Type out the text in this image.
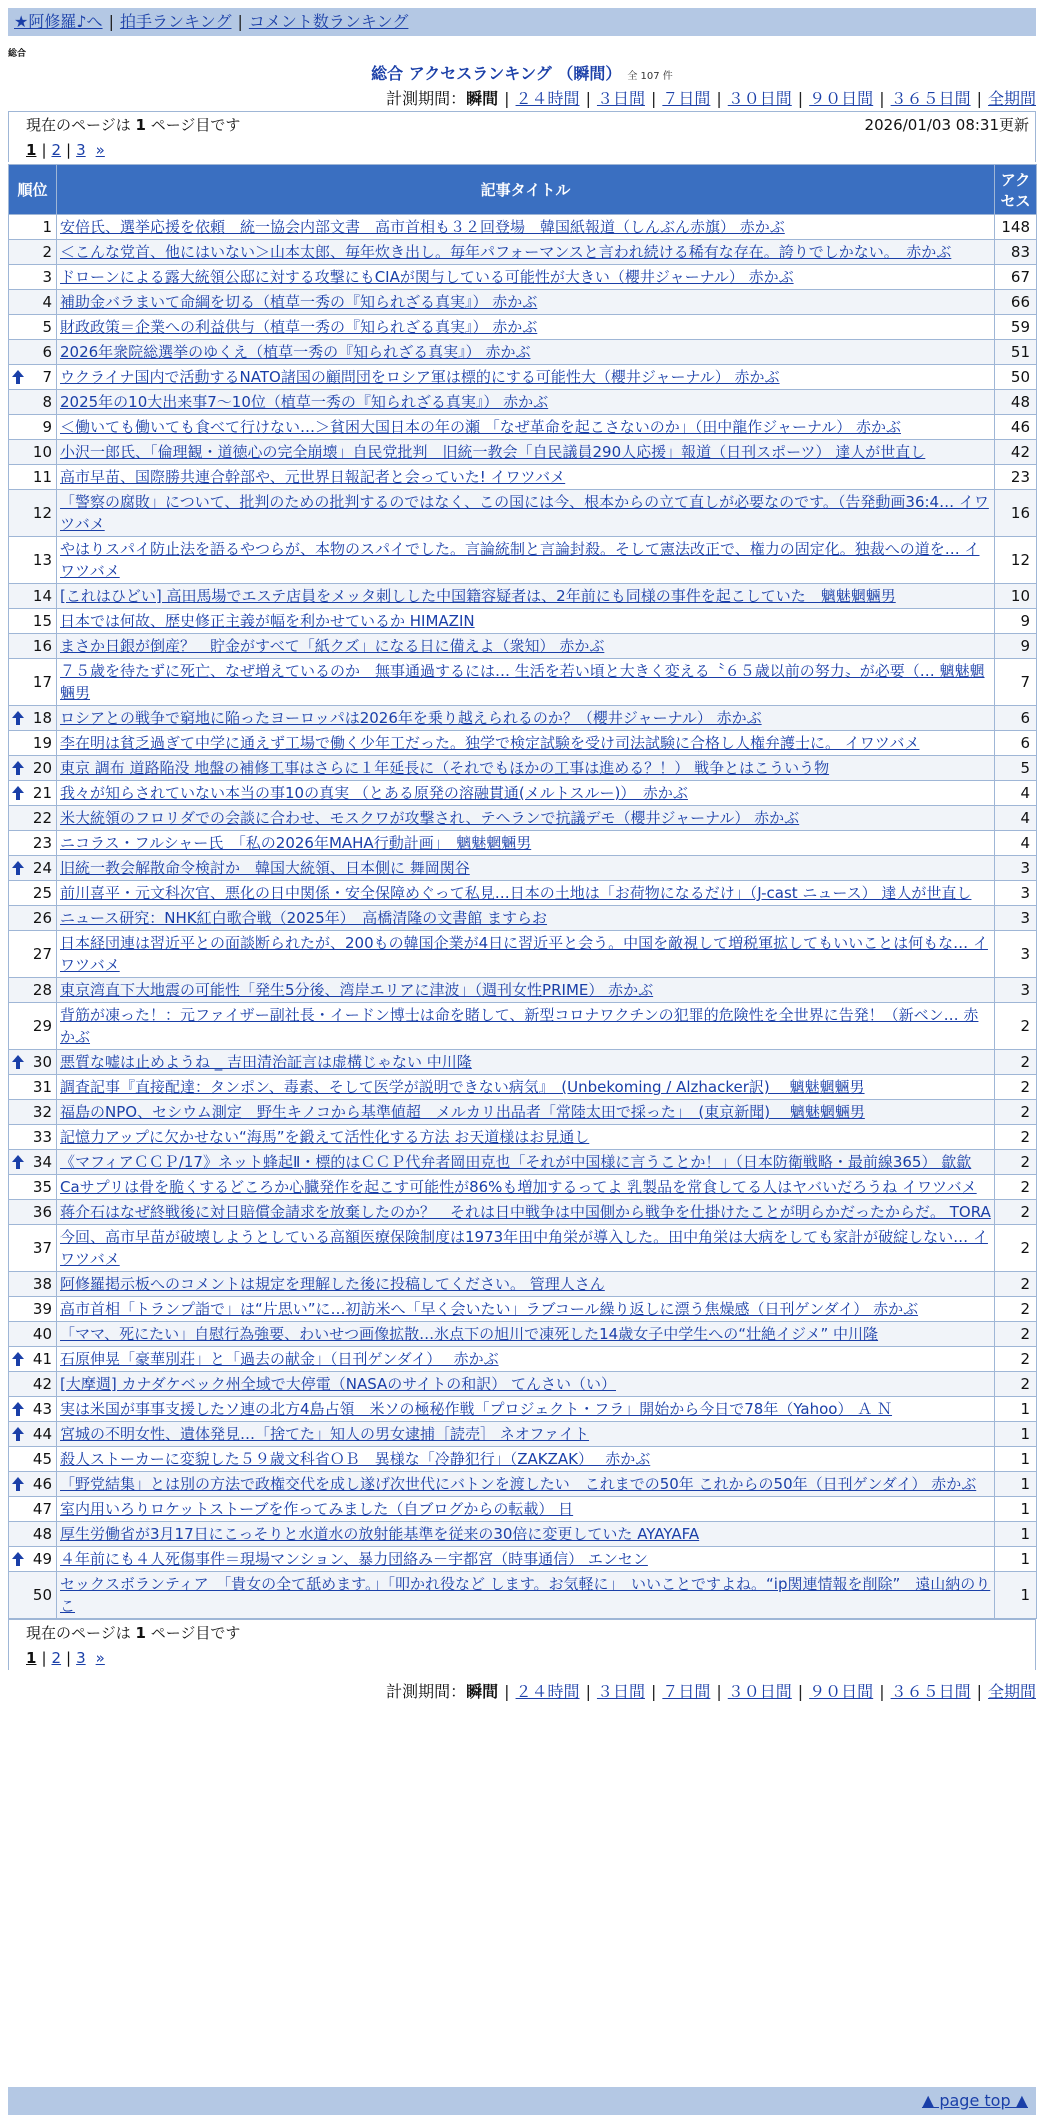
★阿修羅♪へ | 拍手ランキング | コメント数ランキング
総合
総合 アクセスランキング （瞬間） 全 107 件
計測期間：瞬間 | ２４時間 | ３日間 | ７日間 | ３０日間 | ９０日間 | ３６５日間 | 全期間
現在のページは 1 ページ目です	2026/01/03 08:31更新
1 | 2 | 3 »
順位	記事タイトル	アクセス
1	安倍氏、選挙応援を依頼　統一協会内部文書　高市首相も３２回登場　韓国紙報道（しんぶん赤旗） 赤かぶ	148
2	＜こんな党首、他にはいない＞山本太郎、毎年炊き出し。毎年パフォーマンスと言われ続ける稀有な存在。誇りでしかない。　赤かぶ	83
3	ドローンによる露大統領公邸に対する攻撃にもCIAが関与している可能性が大きい（櫻井ジャーナル） 赤かぶ	67
4	補助金バラまいて命綱を切る（植草一秀の『知られざる真実』） 赤かぶ	66
5	財政政策＝企業への利益供与（植草一秀の『知られざる真実』） 赤かぶ	59
6	2026年衆院総選挙のゆくえ（植草一秀の『知られざる真実』） 赤かぶ	51

7	ウクライナ国内で活動するNATO諸国の顧問団をロシア軍は標的にする可能性大（櫻井ジャーナル） 赤かぶ	50
8	2025年の10大出来事7～10位（植草一秀の『知られざる真実』） 赤かぶ	48
9	＜働いても働いても食べて行けない…＞貧困大国日本の年の瀬 「なぜ革命を起こさないのか」（田中龍作ジャーナル） 赤かぶ	46
10	小沢一郎氏、「倫理観・道徳心の完全崩壊」自民党批判　旧統一教会「自民議員290人応援」報道（日刊スポーツ） 達人が世直し	42
11	高市早苗、国際勝共連合幹部や、元世界日報記者と会っていた! イワツバメ	23
12	「警察の腐敗」について、批判のための批判するのではなく、この国には今、根本からの立て直しが必要なのです。（告発動画36:4… イワツバメ	16
13	やはりスパイ防止法を語るやつらが、本物のスパイでした。言論統制と言論封殺。そして憲法改正で、権力の固定化。独裁への道を… イワツバメ	12
14	[これはひどい] 高田馬場でエステ店員をメッタ刺しした中国籍容疑者は、2年前にも同様の事件を起こしていた　魑魅魍魎男	10
15	日本では何故、歴史修正主義が幅を利かせているか HIMAZIN	9
16	まさか日銀が倒産？　貯金がすべて「紙クズ」になる日に備えよ（衆知） 赤かぶ	9
17	７５歳を待たずに死亡、なぜ増えているのか　無事通過するには… 生活を若い頃と大きく変える〝６５歳以前の努力〟が必要（… 魑魅魍魎男	7

18	ロシアとの戦争で窮地に陥ったヨーロッパは2026年を乗り越えられるのか？（櫻井ジャーナル） 赤かぶ	6
19	李在明は貧乏過ぎて中学に通えず工場で働く少年工だった。独学で検定試験を受け司法試験に合格し人権弁護士に。 イワツバメ	6

20	東京 調布 道路陥没 地盤の補修工事はさらに１年延長に（それでもほかの工事は進める？！） 戦争とはこういう物	5

21	我々が知らされていない本当の事10の真実 （とある原発の溶融貫通(メルトスルー)）　赤かぶ	4
22	米大統領のフロリダでの会談に合わせ、モスクワが攻撃され、テヘランで抗議デモ（櫻井ジャーナル） 赤かぶ	4
23	ニコラス・フルシャー氏　「私の2026年MAHA行動計画」　魑魅魍魎男	4

24	旧統一教会解散命令検討か　韓国大統領、日本側に 舞岡関谷	3
25	前川喜平・元文科次官、悪化の日中関係・安全保障めぐって私見…日本の土地は「お荷物になるだけ」（J-cast ニュース） 達人が世直し	3
26	ニュース研究：NHK紅白歌合戦（2025年）　高橋清隆の文書館 ますらお	3
27	日本経団連は習近平との面談断られたが、200もの韓国企業が4日に習近平と会う。中国を敵視して増税軍拡してもいいことは何もな… イワツバメ	3
28	東京湾直下大地震の可能性「発生5分後、湾岸エリアに津波」（週刊女性PRIME） 赤かぶ	3
29	背筋が凍った！：元ファイザー副社長・イードン博士は命を賭して、新型コロナワクチンの犯罪的危険性を全世界に告発！（新ベン… 赤かぶ	2

30	悪質な嘘は止めようね _ 吉田清治証言は虚構じゃない 中川隆	2
31	調査記事『直接配達：タンポン、毒素、そして医学が説明できない病気』　(Unbekoming / Alzhacker訳)　 魑魅魍魎男	2
32	福島のNPO、セシウム測定　野生キノコから基準値超　メルカリ出品者「常陸太田で採った」　(東京新聞)　 魑魅魍魎男	2
33	記憶力アップに欠かせない“海馬”を鍛えて活性化する方法 お天道様はお見通し	2

34	《マフィアＣＣＰ/17》ネット蜂起Ⅱ・標的はＣＣＰ代弁者岡田克也「それが中国様に言うことか！」（日本防衛戦略・最前線365） 歙歙	2
35	Caサプリは骨を脆くするどころか心臓発作を起こす可能性が86%も増加するってよ 乳製品を常食してる人はヤバいだろうね イワツバメ	2
36	蒋介石はなぜ終戦後に対日賠償金請求を放棄したのか？　それは日中戦争は中国側から戦争を仕掛けたことが明らかだったからだ。 TORA	2
37	今回、高市早苗が破壊しようとしている高額医療保険制度は1973年田中角栄が導入した。田中角栄は大病をしても家計が破綻しない… イワツバメ	2
38	阿修羅掲示板へのコメントは規定を理解した後に投稿してください。 管理人さん	2
39	高市首相「トランプ詣で」は“片思い”に…初訪米へ「早く会いたい」ラブコール繰り返しに漂う焦燥感（日刊ゲンダイ） 赤かぶ	2
40	「ママ、死にたい」自慰行為強要、わいせつ画像拡散…氷点下の旭川で凍死した14歳女子中学生への“壮絶イジメ” 中川隆	2

41	石原伸晃「豪華別荘」と「過去の献金」（日刊ゲンダイ）　 赤かぶ	2
42	[大摩週] カナダケベック州全域で大停電（NASAのサイトの和訳） てんさい（い）	2

43	実は米国が事事支援したソ連の北方4島占領　米ソの極秘作戦「プロジェクト・フラ」開始から今日で78年（Yahoo） Ａ Ｎ	1

44	宮城の不明女性、遺体発見…「捨てた」知人の男女逮捕［読売］ ネオファイト	1
45	殺人ストーカーに変貌した５９歳文科省ＯＢ　異様な「冷静犯行」（ZAKZAK）　 赤かぶ	1

46	「野党結集」とは別の方法で政権交代を成し遂げ次世代にバトンを渡したい　これまでの50年 これからの50年（日刊ゲンダイ） 赤かぶ	1
47	室内用いろりロケットストーブを作ってみました（自ブログからの転載） 日	1
48	厚生労働省が3月17日にこっそりと水道水の放射能基準を従来の30倍に変更していた AYAYAFA	1

49	４年前にも４人死傷事件＝現場マンション、暴力団絡み－宇都宮（時事通信） エンセン	1
50	セックスボランティア　「貴女の全て舐めます。」「叩かれ役など します。お気軽に」　いいことですよね。“ip関連情報を削除”　遠山納のりこ	1
現在のページは 1 ページ目です
1 | 2 | 3 »
計測期間：瞬間 | ２４時間 | ３日間 | ７日間 | ３０日間 | ９０日間 | ３６５日間 | 全期間
▲ page top ▲
